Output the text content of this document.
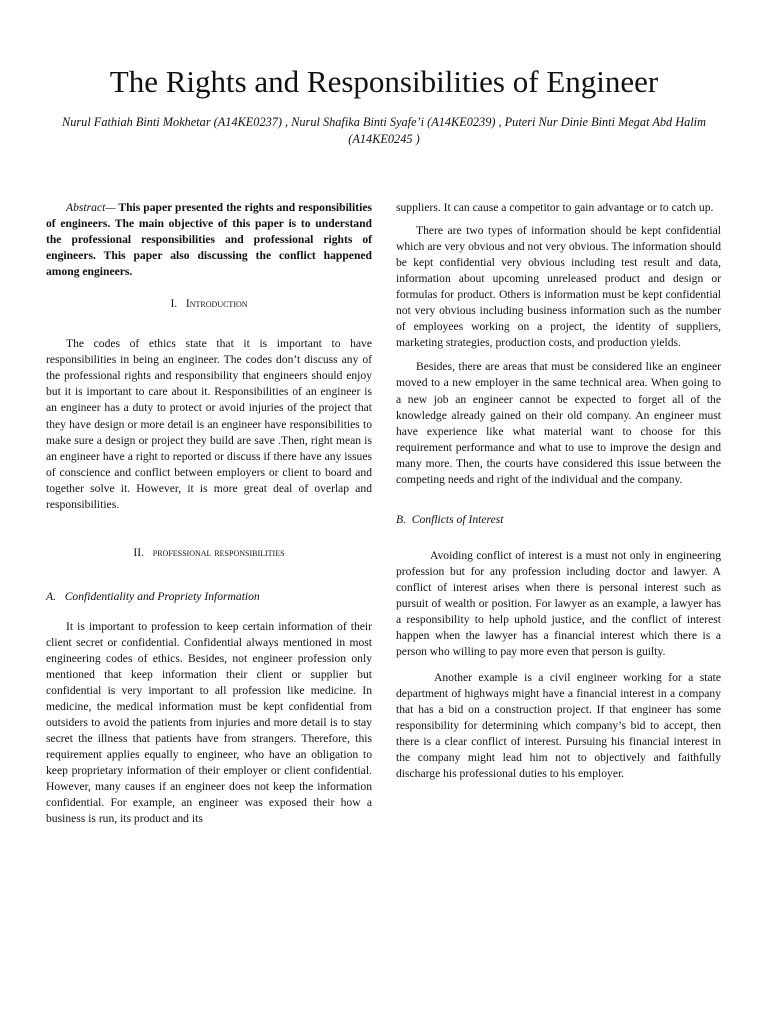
The Rights and Responsibilities of Engineer
Nurul Fathiah Binti Mokhetar (A14KE0237) , Nurul Shafika Binti Syafe’i (A14KE0239) , Puteri Nur Dinie Binti Megat Abd Halim (A14KE0245 )

Abstract— This paper presented the rights and responsibilities of engineers. The main objective of this paper is to understand the professional responsibilities and professional rights of engineers. This paper also discussing the conflict happened among engineers.

I. Introduction

The codes of ethics state that it is important to have responsibilities in being an engineer. The codes don’t discuss any of the professional rights and responsibility that engineers should enjoy but it is important to care about it. Responsibilities of an engineer is an engineer has a duty to protect or avoid injuries of the project that they have design or more detail is an engineer have responsibilities to make sure a design or project they build are save .Then, right mean is an engineer have a right to reported or discuss if there have any issues of conscience and conflict between employers or client to board and together solve it. However, it is more great deal of overlap and responsibilities.

II. professional responsibilities

A. Confidentiality and Propriety Information

It is important to profession to keep certain information of their client secret or confidential. Confidential always mentioned in most engineering codes of ethics. Besides, not engineer profession only mentioned that keep information their client or supplier but confidential is very important to all profession like medicine. In medicine, the medical information must be kept confidential from outsiders to avoid the patients from injuries and more detail is to stay secret the illness that patients have from strangers. Therefore, this requirement applies equally to engineer, who have an obligation to keep proprietary information of their employer or client confidential. However, many causes if an engineer does not keep the information confidential. For example, an engineer was exposed their how a business is run, its product and its

suppliers. It can cause a competitor to gain advantage or to catch up.

There are two types of information should be kept confidential which are very obvious and not very obvious. The information should be kept confidential very obvious including test result and data, information about upcoming unreleased product and design or formulas for product. Others is information must be kept confidential not very obvious including business information such as the number of employees working on a project, the identity of suppliers, marketing strategies, production costs, and production yields.

Besides, there are areas that must be considered like an engineer moved to a new employer in the same technical area. When going to a new job an engineer cannot be expected to forget all of the knowledge already gained on their old company. An engineer must have experience like what material want to choose for this requirement performance and what to use to improve the design and many more. Then, the courts have considered this issue between the competing needs and right of the individual and the company.

B. Conflicts of Interest

Avoiding conflict of interest is a must not only in engineering profession but for any profession including doctor and lawyer. A conflict of interest arises when there is personal interest such as pursuit of wealth or position. For lawyer as an example, a lawyer has a responsibility to help uphold justice, and the conflict of interest happen when the lawyer has a financial interest which there is a person who willing to pay more even that person is guilty.

Another example is a civil engineer working for a state department of highways might have a financial interest in a company that has a bid on a construction project. If that engineer has some responsibility for determining which company’s bid to accept, then there is a clear conflict of interest. Pursuing his financial interest in the company might lead him not to objectively and faithfully discharge his professional duties to his employer.
